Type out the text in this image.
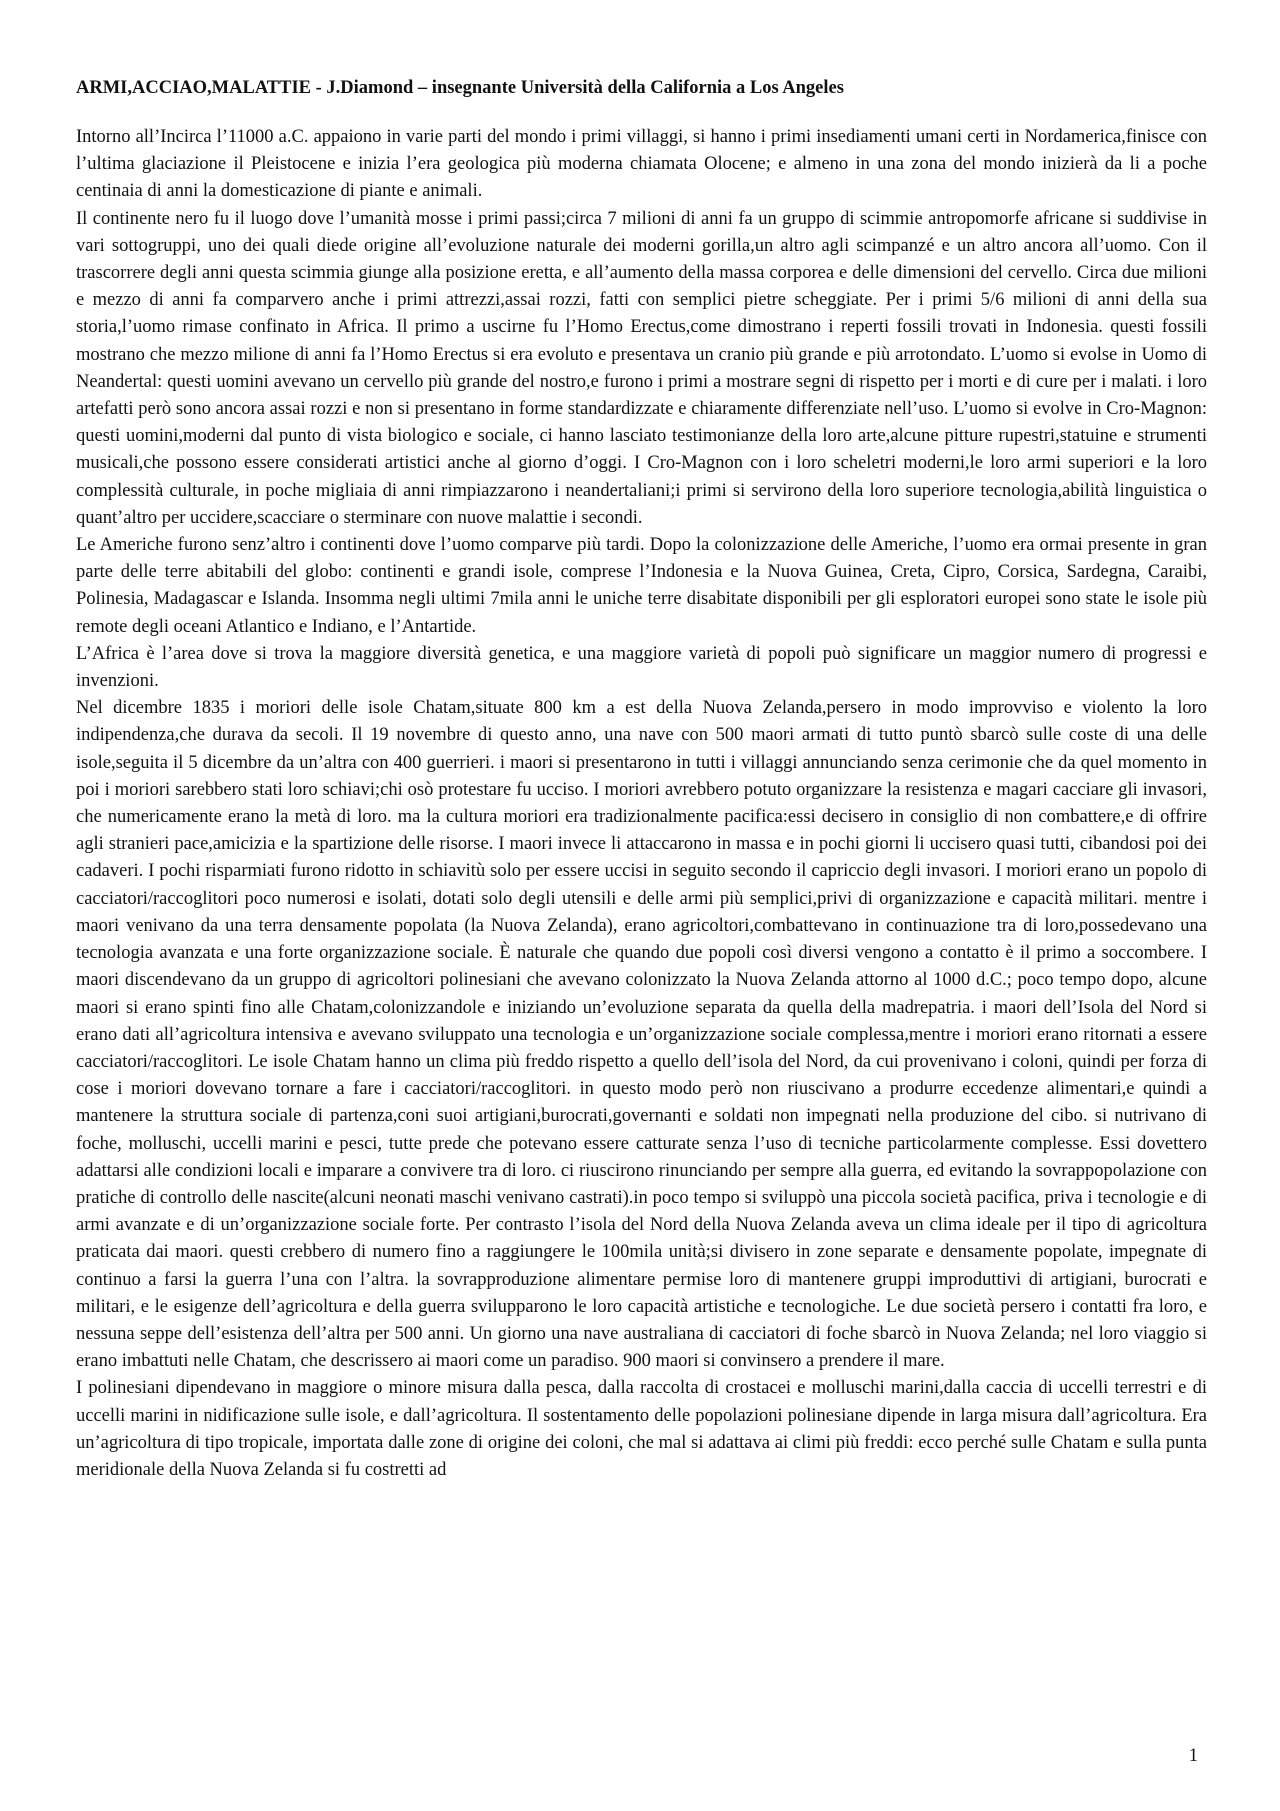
ARMI,ACCIAO,MALATTIE - J.Diamond – insegnante Università della California a Los Angeles

Intorno all’Incirca l’11000 a.C. appaiono in varie parti del mondo i primi villaggi, si hanno i primi insediamenti umani certi in Nordamerica,finisce con l’ultima glaciazione il Pleistocene e inizia l’era geologica più moderna chiamata Olocene; e almeno in una zona del mondo inizierà da li a poche centinaia di anni la domesticazione di piante e animali.

Il continente nero fu il luogo dove l’umanità mosse i primi passi;circa 7 milioni di anni fa un gruppo di scimmie antropomorfe africane si suddivise in vari sottogruppi, uno dei quali diede origine all’evoluzione naturale dei moderni gorilla,un altro agli scimpanzé e un altro ancora all’uomo. Con il trascorrere degli anni questa scimmia giunge alla posizione eretta, e all’aumento della massa corporea e delle dimensioni del cervello. Circa due milioni e mezzo di anni fa comparvero anche i primi attrezzi,assai rozzi, fatti con semplici pietre scheggiate. Per i primi 5/6 milioni di anni della sua storia,l’uomo rimase confinato in Africa. Il primo a uscirne fu l’Homo Erectus,come dimostrano i reperti fossili trovati in Indonesia. questi fossili mostrano che mezzo milione di anni fa l’Homo Erectus si era evoluto e presentava un cranio più grande e più arrotondato. L’uomo si evolse in Uomo di Neandertal: questi uomini avevano un cervello più grande del nostro,e furono i primi a mostrare segni di rispetto per i morti e di cure per i malati. i loro artefatti però sono ancora assai rozzi e non si presentano in forme standardizzate e chiaramente differenziate nell’uso. L’uomo si evolve in Cro-Magnon: questi uomini,moderni dal punto di vista biologico e sociale, ci hanno lasciato testimonianze della loro arte,alcune pitture rupestri,statuine e strumenti musicali,che possono essere considerati artistici anche al giorno d’oggi. I Cro-Magnon con i loro scheletri moderni,le loro armi superiori e la loro complessità culturale, in poche migliaia di anni rimpiazzarono i neandertaliani;i primi si servirono della loro superiore tecnologia,abilità linguistica o quant’altro per uccidere,scacciare o sterminare con nuove malattie i secondi.

Le Americhe furono senz’altro i continenti dove l’uomo comparve più tardi. Dopo la colonizzazione delle Americhe, l’uomo era ormai presente in gran parte delle terre abitabili del globo: continenti e grandi isole, comprese l’Indonesia e la Nuova Guinea, Creta, Cipro, Corsica, Sardegna, Caraibi, Polinesia, Madagascar e Islanda. Insomma negli ultimi 7mila anni le uniche terre disabitate disponibili per gli esploratori europei sono state le isole più remote degli oceani Atlantico e Indiano, e l’Antartide.

L’Africa è l’area dove si trova la maggiore diversità genetica, e una maggiore varietà di popoli può significare un maggior numero di progressi e invenzioni.

Nel dicembre 1835 i moriori delle isole Chatam,situate 800 km a est della Nuova Zelanda,persero in modo improvviso e violento la loro indipendenza,che durava da secoli. Il 19 novembre di questo anno, una nave con 500 maori armati di tutto puntò sbarcò sulle coste di una delle isole,seguita il 5 dicembre da un’altra con 400 guerrieri. i maori si presentarono in tutti i villaggi annunciando senza cerimonie che da quel momento in poi i moriori sarebbero stati loro schiavi;chi osò protestare fu ucciso. I moriori avrebbero potuto organizzare la resistenza e magari cacciare gli invasori, che numericamente erano la metà di loro. ma la cultura moriori era tradizionalmente pacifica:essi decisero in consiglio di non combattere,e di offrire agli stranieri pace,amicizia e la spartizione delle risorse. I maori invece li attaccarono in massa e in pochi giorni li uccisero quasi tutti, cibandosi poi dei cadaveri. I pochi risparmiati furono ridotto in schiavitù solo per essere uccisi in seguito secondo il capriccio degli invasori. I moriori erano un popolo di cacciatori/raccoglitori poco numerosi e isolati, dotati solo degli utensili e delle armi più semplici,privi di organizzazione e capacità militari. mentre i maori venivano da una terra densamente popolata (la Nuova Zelanda), erano agricoltori,combattevano in continuazione tra di loro,possedevano una tecnologia avanzata e una forte organizzazione sociale. È naturale che quando due popoli così diversi vengono a contatto è il primo a soccombere. I maori discendevano da un gruppo di agricoltori polinesiani che avevano colonizzato la Nuova Zelanda attorno al 1000 d.C.; poco tempo dopo, alcune maori si erano spinti fino alle Chatam,colonizzandole e iniziando un’evoluzione separata da quella della madrepatria. i maori dell’Isola del Nord si erano dati all’agricoltura intensiva e avevano sviluppato una tecnologia e un’organizzazione sociale complessa,mentre i moriori erano ritornati a essere cacciatori/raccoglitori. Le isole Chatam hanno un clima più freddo rispetto a quello dell’isola del Nord, da cui provenivano i coloni, quindi per forza di cose i moriori dovevano tornare a fare i cacciatori/raccoglitori. in questo modo però non riuscivano a produrre eccedenze alimentari,e quindi a mantenere la struttura sociale di partenza,coni suoi artigiani,burocrati,governanti e soldati non impegnati nella produzione del cibo. si nutrivano di foche, molluschi, uccelli marini e pesci, tutte prede che potevano essere catturate senza l’uso di tecniche particolarmente complesse. Essi dovettero adattarsi alle condizioni locali e imparare a convivere tra di loro. ci riuscirono rinunciando per sempre alla guerra, ed evitando la sovrappopolazione con pratiche di controllo delle nascite(alcuni neonati maschi venivano castrati).in poco tempo si sviluppò una piccola società pacifica, priva i tecnologie e di armi avanzate e di un’organizzazione sociale forte. Per contrasto l’isola del Nord della Nuova Zelanda aveva un clima ideale per il tipo di agricoltura praticata dai maori. questi crebbero di numero fino a raggiungere le 100mila unità;si divisero in zone separate e densamente popolate, impegnate di continuo a farsi la guerra l’una con l’altra. la sovrapproduzione alimentare permise loro di mantenere gruppi improduttivi di artigiani, burocrati e militari, e le esigenze dell’agricoltura e della guerra svilupparono le loro capacità artistiche e tecnologiche. Le due società persero i contatti fra loro, e nessuna seppe dell’esistenza dell’altra per 500 anni. Un giorno una nave australiana di cacciatori di foche sbarcò in Nuova Zelanda; nel loro viaggio si erano imbattuti nelle Chatam, che descrissero ai maori come un paradiso. 900 maori si convinsero a prendere il mare.

I polinesiani dipendevano in maggiore o minore misura dalla pesca, dalla raccolta di crostacei e molluschi marini,dalla caccia di uccelli terrestri e di uccelli marini in nidificazione sulle isole, e dall’agricoltura. Il sostentamento delle popolazioni polinesiane dipende in larga misura dall’agricoltura. Era un’agricoltura di tipo tropicale, importata dalle zone di origine dei coloni, che mal si adattava ai climi più freddi: ecco perché sulle Chatam e sulla punta meridionale della Nuova Zelanda si fu costretti ad

1
